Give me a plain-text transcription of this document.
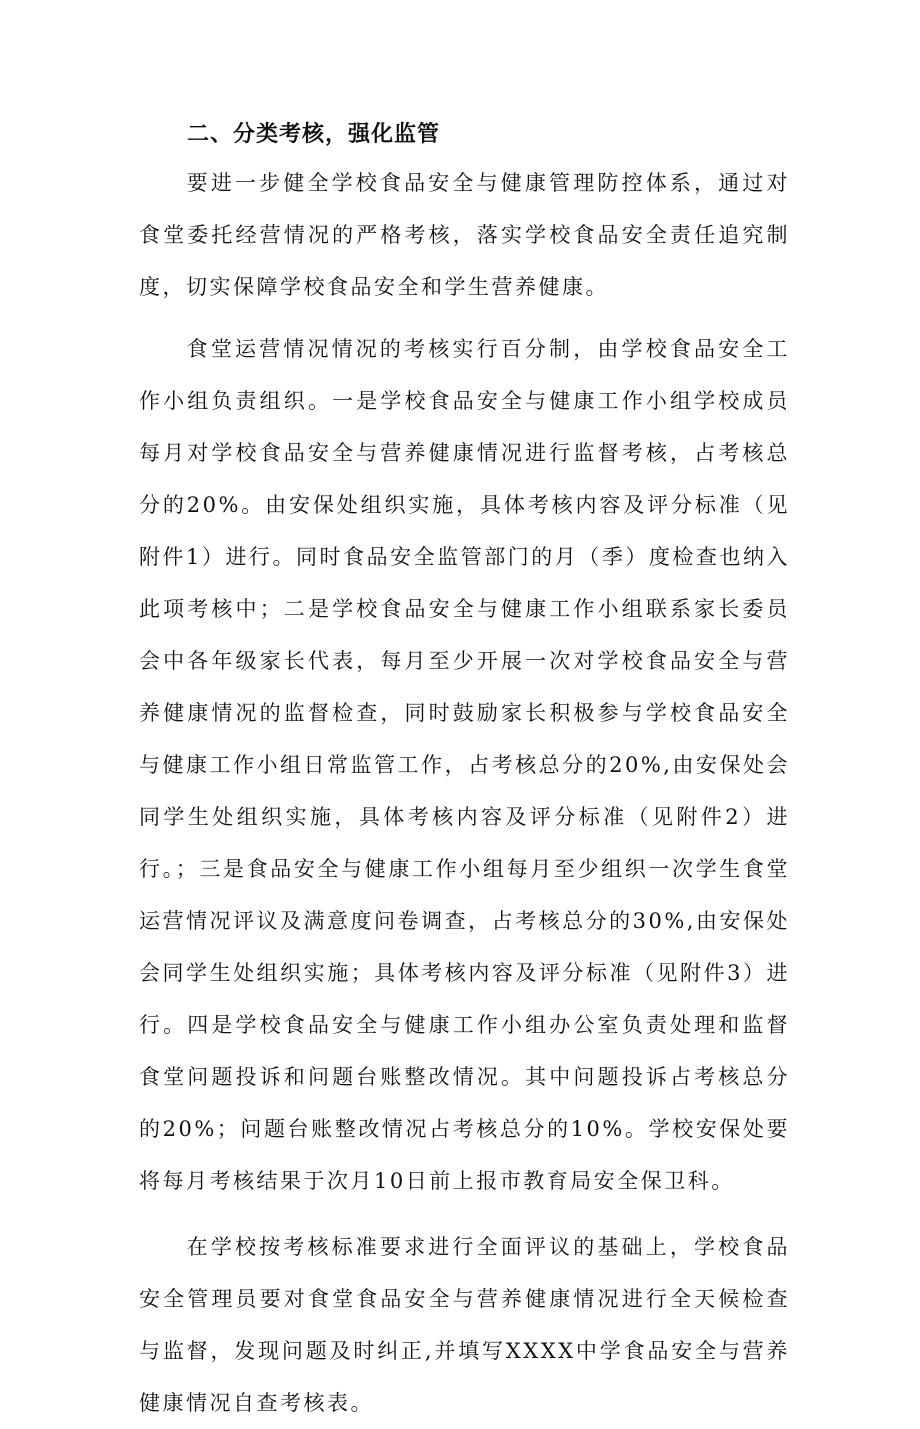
二、分类考核，强化监管

要进一步健全学校食品安全与健康管理防控体系，通过对食堂委托经营情况的严格考核，落实学校食品安全责任追究制度，切实保障学校食品安全和学生营养健康。

食堂运营情况情况的考核实行百分制，由学校食品安全工作小组负责组织。一是学校食品安全与健康工作小组学校成员每月对学校食品安全与营养健康情况进行监督考核，占考核总分的20%。由安保处组织实施，具体考核内容及评分标准（见附件1）进行。同时食品安全监管部门的月（季）度检查也纳入此项考核中；二是学校食品安全与健康工作小组联系家长委员会中各年级家长代表，每月至少开展一次对学校食品安全与营养健康情况的监督检查，同时鼓励家长积极参与学校食品安全与健康工作小组日常监管工作，占考核总分的20%,由安保处会同学生处组织实施，具体考核内容及评分标准（见附件2）进行。；三是食品安全与健康工作小组每月至少组织一次学生食堂运营情况评议及满意度问卷调查，占考核总分的30%,由安保处会同学生处组织实施；具体考核内容及评分标准（见附件3）进行。四是学校食品安全与健康工作小组办公室负责处理和监督食堂问题投诉和问题台账整改情况。其中问题投诉占考核总分的20%；问题台账整改情况占考核总分的10%。学校安保处要将每月考核结果于次月10日前上报市教育局安全保卫科。

在学校按考核标准要求进行全面评议的基础上，学校食品安全管理员要对食堂食品安全与营养健康情况进行全天候检查与监督，发现问题及时纠正,并填写XXXX中学食品安全与营养健康情况自查考核表。
